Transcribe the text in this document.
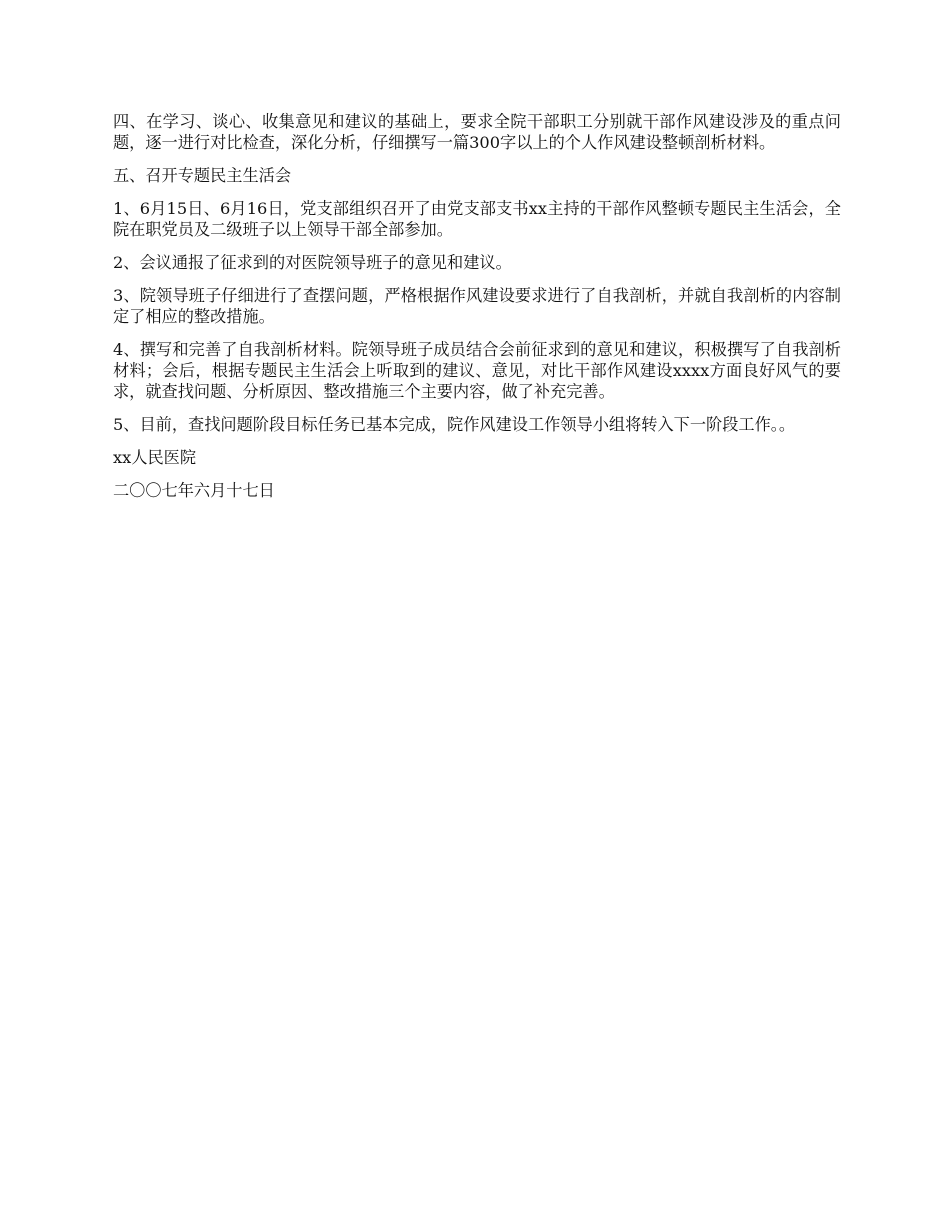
四、在学习、谈心、收集意见和建议的基础上，要求全院干部职工分别就干部作风建设涉及的重点问题，逐一进行对比检查，深化分析，仔细撰写一篇300字以上的个人作风建设整顿剖析材料。

五、召开专题民主生活会

1、6月15日、6月16日，党支部组织召开了由党支部支书xx主持的干部作风整顿专题民主生活会，全院在职党员及二级班子以上领导干部全部参加。

2、会议通报了征求到的对医院领导班子的意见和建议。

3、院领导班子仔细进行了查摆问题，严格根据作风建设要求进行了自我剖析，并就自我剖析的内容制定了相应的整改措施。

4、撰写和完善了自我剖析材料。院领导班子成员结合会前征求到的意见和建议，积极撰写了自我剖析材料；会后，根据专题民主生活会上听取到的建议、意见，对比干部作风建设xxxx方面良好风气的要求，就查找问题、分析原因、整改措施三个主要内容，做了补充完善。

5、目前，查找问题阶段目标任务已基本完成，院作风建设工作领导小组将转入下一阶段工作。。

xx人民医院

二〇〇七年六月十七日
